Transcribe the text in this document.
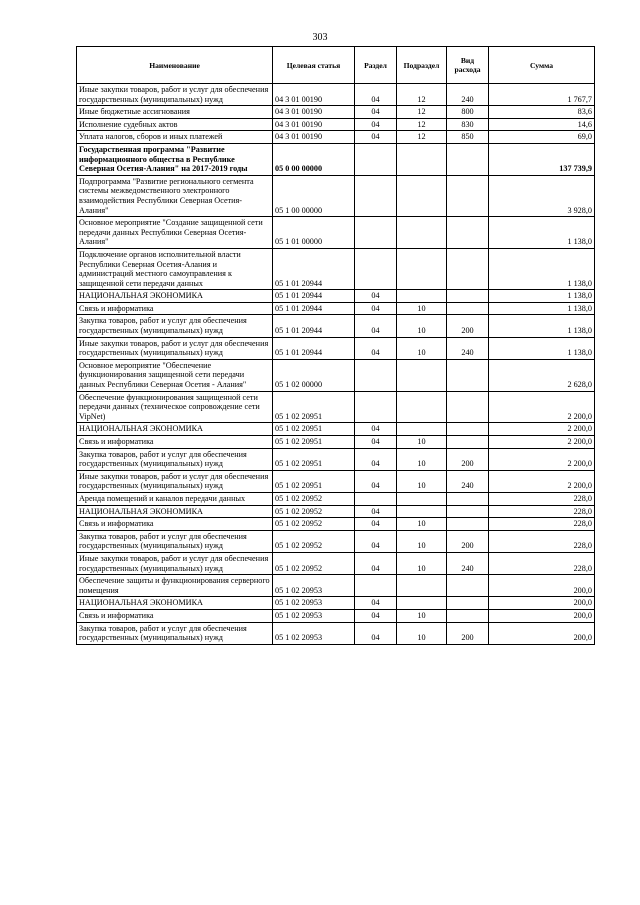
303
Наименование	Целевая статья	Раздел	Подраздел	Вид расхода	Сумма
Иные закупки товаров, работ и услуг для обеспечения государственных (муниципальных) нужд	04 3 01 00190	04	12	240	1 767,7
Иные бюджетные ассигнования	04 3 01 00190	04	12	800	83,6
Исполнение судебных актов	04 3 01 00190	04	12	830	14,6
Уплата налогов, сборов и иных платежей	04 3 01 00190	04	12	850	69,0
Государственная программа "Развитие информационного общества в Республике Северная Осетия-Алания" на 2017-2019 годы	05 0 00 00000				137 739,9
Подпрограмма "Развитие регионального сегмента системы межведомственного электронного взаимодействия Республики Северная Осетия-Алания"	05 1 00 00000				3 928,0
Основное мероприятие "Создание защищенной сети передачи данных Республики Северная Осетия-Алания"	05 1 01 00000				1 138,0
Подключение органов исполнительной власти Республики Северная Осетия-Алания и администраций местного самоуправления к защищенной сети передачи данных	05 1 01 20944				1 138,0
НАЦИОНАЛЬНАЯ ЭКОНОМИКА	05 1 01 20944	04			1 138,0
Связь и информатика	05 1 01 20944	04	10		1 138,0
Закупка товаров, работ и услуг для обеспечения государственных (муниципальных) нужд	05 1 01 20944	04	10	200	1 138,0
Иные закупки товаров, работ и услуг для обеспечения государственных (муниципальных) нужд	05 1 01 20944	04	10	240	1 138,0
Основное мероприятие "Обеспечение функционирования защищенной сети передачи данных Республики Северная Осетия - Алания"	05 1 02 00000				2 628,0
Обеспечение функционирования защищенной сети передачи данных (техническое сопровождение сети VipNet)	05 1 02 20951				2 200,0
НАЦИОНАЛЬНАЯ ЭКОНОМИКА	05 1 02 20951	04			2 200,0
Связь и информатика	05 1 02 20951	04	10		2 200,0
Закупка товаров, работ и услуг для обеспечения государственных (муниципальных) нужд	05 1 02 20951	04	10	200	2 200,0
Иные закупки товаров, работ и услуг для обеспечения государственных (муниципальных) нужд	05 1 02 20951	04	10	240	2 200,0
Аренда помещений и каналов передачи данных	05 1 02 20952				228,0
НАЦИОНАЛЬНАЯ ЭКОНОМИКА	05 1 02 20952	04			228,0
Связь и информатика	05 1 02 20952	04	10		228,0
Закупка товаров, работ и услуг для обеспечения государственных (муниципальных) нужд	05 1 02 20952	04	10	200	228,0
Иные закупки товаров, работ и услуг для обеспечения государственных (муниципальных) нужд	05 1 02 20952	04	10	240	228,0
Обеспечение защиты и функционирования серверного помещения	05 1 02 20953				200,0
НАЦИОНАЛЬНАЯ ЭКОНОМИКА	05 1 02 20953	04			200,0
Связь и информатика	05 1 02 20953	04	10		200,0
Закупка товаров, работ и услуг для обеспечения государственных (муниципальных) нужд	05 1 02 20953	04	10	200	200,0
